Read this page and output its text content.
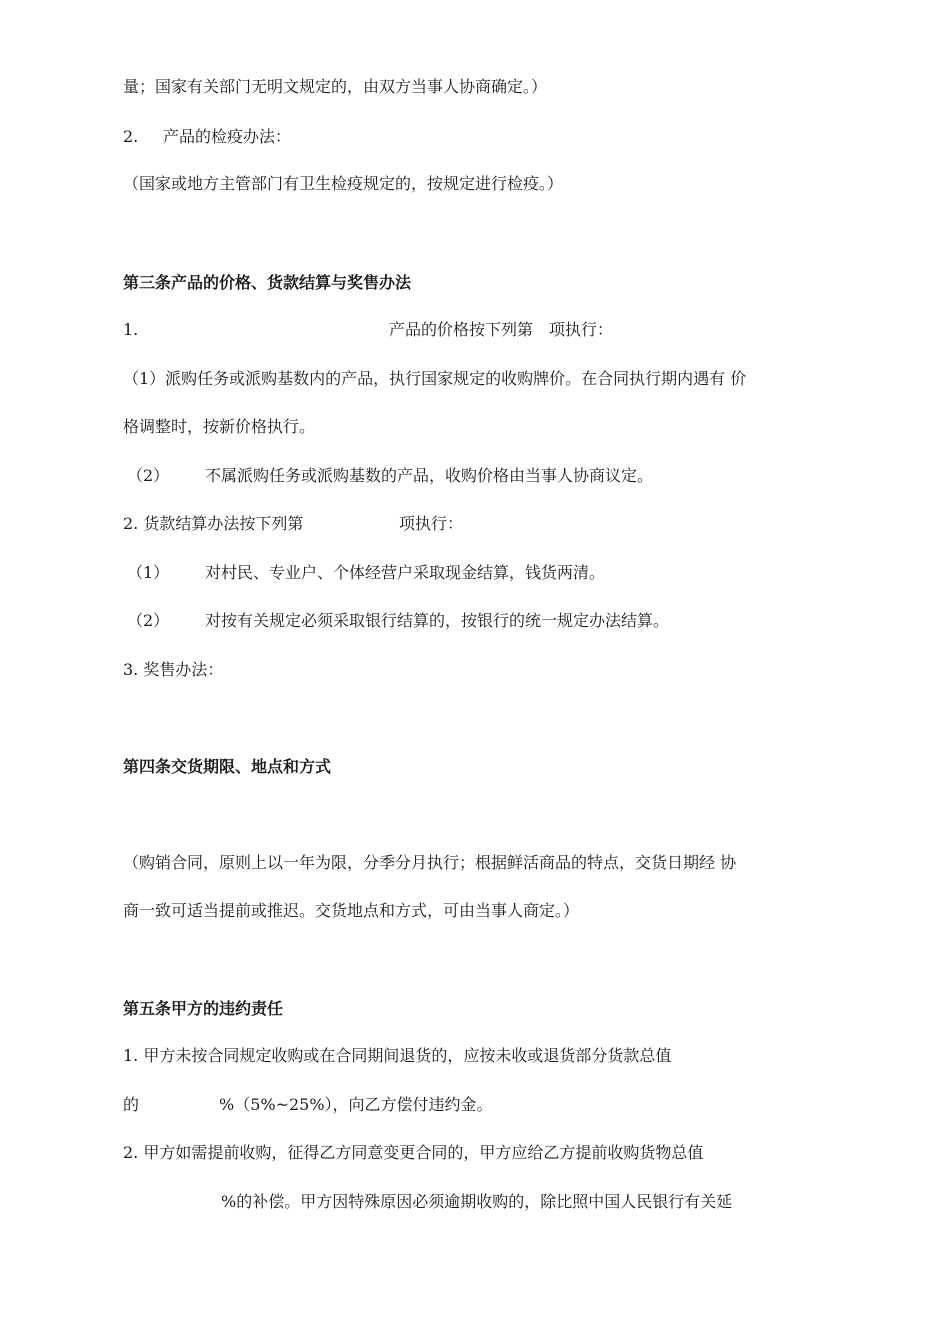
量；国家有关部门无明文规定的，由双方当事人协商确定。）

2.

产品的检疫办法：

（国家或地方主管部门有卫生检疫规定的，按规定进行检疫。）
第三条产品的价格、货款结算与奖售办法

1.

	产品的价格按下列第　项执行：

（1）派购任务或派购基数内的产品，执行国家规定的收购牌价。在合同执行期内遇有 价
格调整时，按新价格执行。

（2）

不属派购任务或派购基数的产品，收购价格由当事人协商议定。

2. 货款结算办法按下列第

	项执行：

（1）

对村民、专业户、个体经营户采取现金结算，钱货两清。

（2）

对按有关规定必须采取银行结算的，按银行的统一规定办法结算。

3. 奖售办法：
第四条交货期限、地点和方式
（购销合同，原则上以一年为限，分季分月执行；根据鲜活商品的特点，交货日期经 协
商一致可适当提前或推迟。交货地点和方式，可由当事人商定。）
第五条甲方的违约责任
1. 甲方未按合同规定收购或在合同期间退货的，应按未收或退货部分货款总值

的

	%（5%~25%），向乙方偿付违约金。

2. 甲方如需提前收购，征得乙方同意变更合同的，甲方应给乙方提前收购货物总值

%的补偿。甲方因特殊原因必须逾期收购的，除比照中国人民银行有关延
